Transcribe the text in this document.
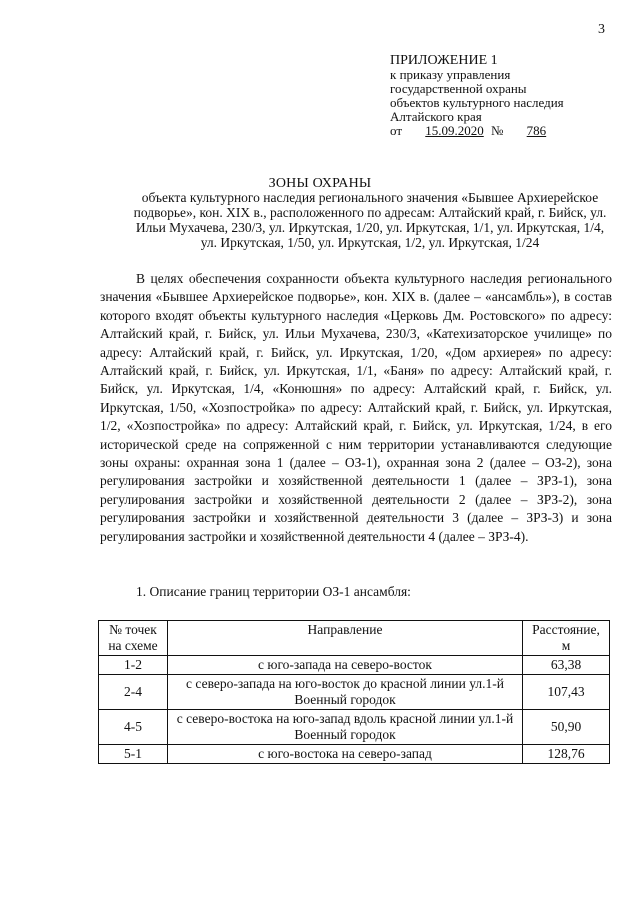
3
ПРИЛОЖЕНИЕ 1
к приказу управления
государственной охраны
объектов культурного наследия
Алтайского края
от 15.09.2020 № 786
ЗОНЫ ОХРАНЫ
объекта культурного наследия регионального значения «Бывшее Архиерейское подворье», кон. XIX в., расположенного по адресам: Алтайский край, г. Бийск, ул. Ильи Мухачева, 230/3, ул. Иркутская, 1/20, ул. Иркутская, 1/1, ул. Иркутская, 1/4, ул. Иркутская, 1/50, ул. Иркутская, 1/2, ул. Иркутская, 1/24

В целях обеспечения сохранности объекта культурного наследия регионального значения «Бывшее Архиерейское подворье», кон. XIX в. (далее – «ансамбль»), в состав которого входят объекты культурного наследия «Церковь Дм. Ростовского» по адресу: Алтайский край, г. Бийск, ул. Ильи Мухачева, 230/3, «Катехизаторское училище» по адресу: Алтайский край, г. Бийск, ул. Иркутская, 1/20, «Дом архиерея» по адресу: Алтайский край, г. Бийск, ул. Иркутская, 1/1, «Баня» по адресу: Алтайский край, г. Бийск, ул. Иркутская, 1/4, «Конюшня» по адресу: Алтайский край, г. Бийск, ул. Иркутская, 1/50, «Хозпостройка» по адресу: Алтайский край, г. Бийск, ул. Иркутская, 1/2, «Хозпостройка» по адресу: Алтайский край, г. Бийск, ул. Иркутская, 1/24, в его исторической среде на сопряженной с ним территории устанавливаются следующие зоны охраны: охранная зона 1 (далее – ОЗ-1), охранная зона 2 (далее – ОЗ-2), зона регулирования застройки и хозяйственной деятельности 1 (далее – ЗРЗ-1), зона регулирования застройки и хозяйственной деятельности 2 (далее – ЗРЗ-2), зона регулирования застройки и хозяйственной деятельности 3 (далее – ЗРЗ-3) и зона регулирования застройки и хозяйственной деятельности 4 (далее – ЗРЗ-4).

1. Описание границ территории ОЗ-1 ансамбля:
№ точек на схеме	Направление	Расстояние, м
1-2	с юго-запада на северо-восток	63,38
2-4	с северо-запада на юго-восток до красной линии ул.1-й Военный городок	107,43
4-5	с северо-востока на юго-запад вдоль красной линии ул.1-й Военный городок	50,90
5-1	с юго-востока на северо-запад	128,76
